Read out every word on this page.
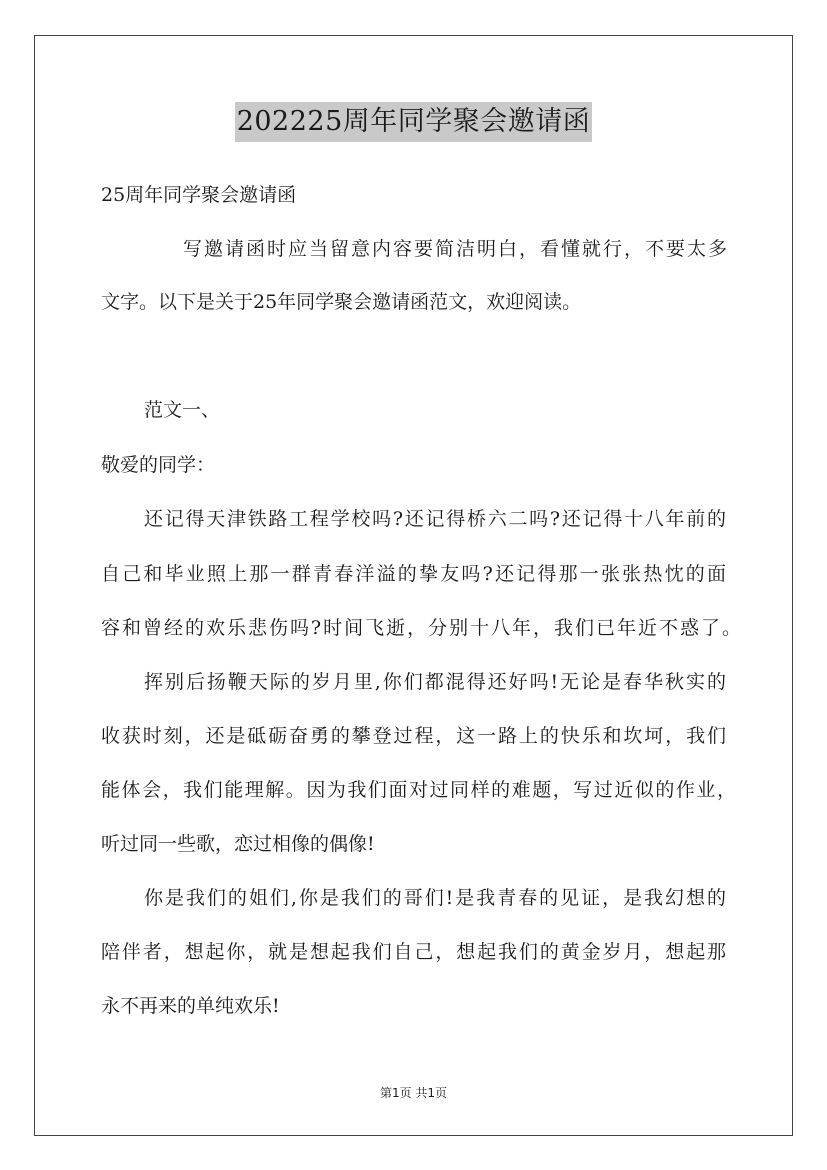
202225周年同学聚会邀请函
25周年同学聚会邀请函
写邀请函时应当留意内容要简洁明白，看懂就行，不要太多
文字。以下是关于25年同学聚会邀请函范文，欢迎阅读。
范文一、
敬爱的同学：
还记得天津铁路工程学校吗?还记得桥六二吗?还记得十八年前的
自己和毕业照上那一群青春洋溢的挚友吗?还记得那一张张热忱的面
容和曾经的欢乐悲伤吗?时间飞逝，分别十八年，我们已年近不惑了。
挥别后扬鞭天际的岁月里,你们都混得还好吗!无论是春华秋实的
收获时刻，还是砥砺奋勇的攀登过程，这一路上的快乐和坎坷，我们
能体会，我们能理解。因为我们面对过同样的难题，写过近似的作业，
听过同一些歌，恋过相像的偶像!
你是我们的姐们,你是我们的哥们!是我青春的见证，是我幻想的
陪伴者，想起你，就是想起我们自己，想起我们的黄金岁月，想起那
永不再来的单纯欢乐!
第1页 共1页
